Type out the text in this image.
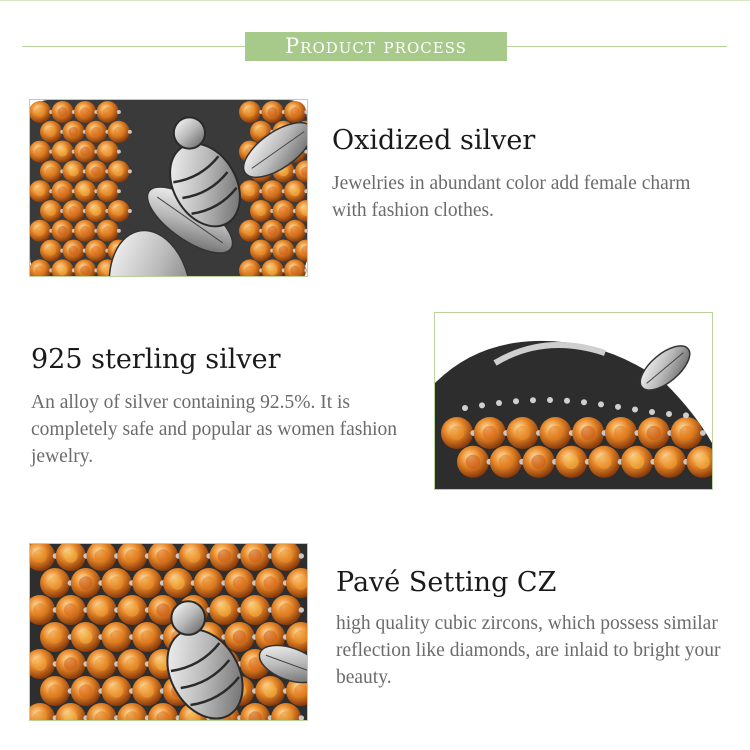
Product process
Oxidized silver
Jewelries in abundant color add female charm with fashion clothes.
925 sterling silver
An alloy of silver containing 92.5%. It is completely safe and popular as women fashion jewelry.
Pavé Setting CZ
high quality cubic zircons, which possess similar reflection like diamonds, are inlaid to bright your beauty.
